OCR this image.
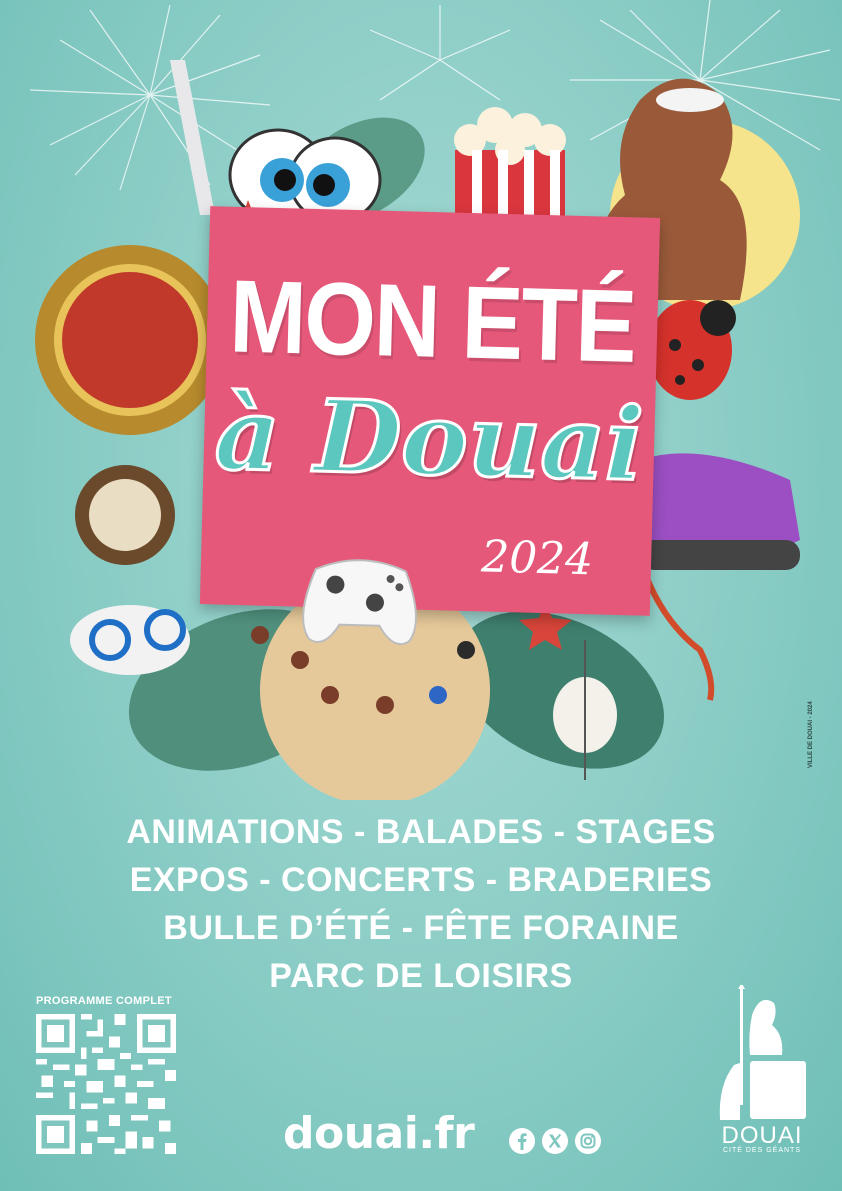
MON ÉTÉ
à Douai
2024
ANIMATIONS - BALADES - STAGES
EXPOS - CONCERTS - BRADERIES
BULLE D’ÉTÉ - FÊTE FORAINE
PARC DE LOISIRS
VILLE DE DOUAI - 2024
PROGRAMME COMPLET
douai.fr	DOUAI
CITÉ DES GÉANTS
